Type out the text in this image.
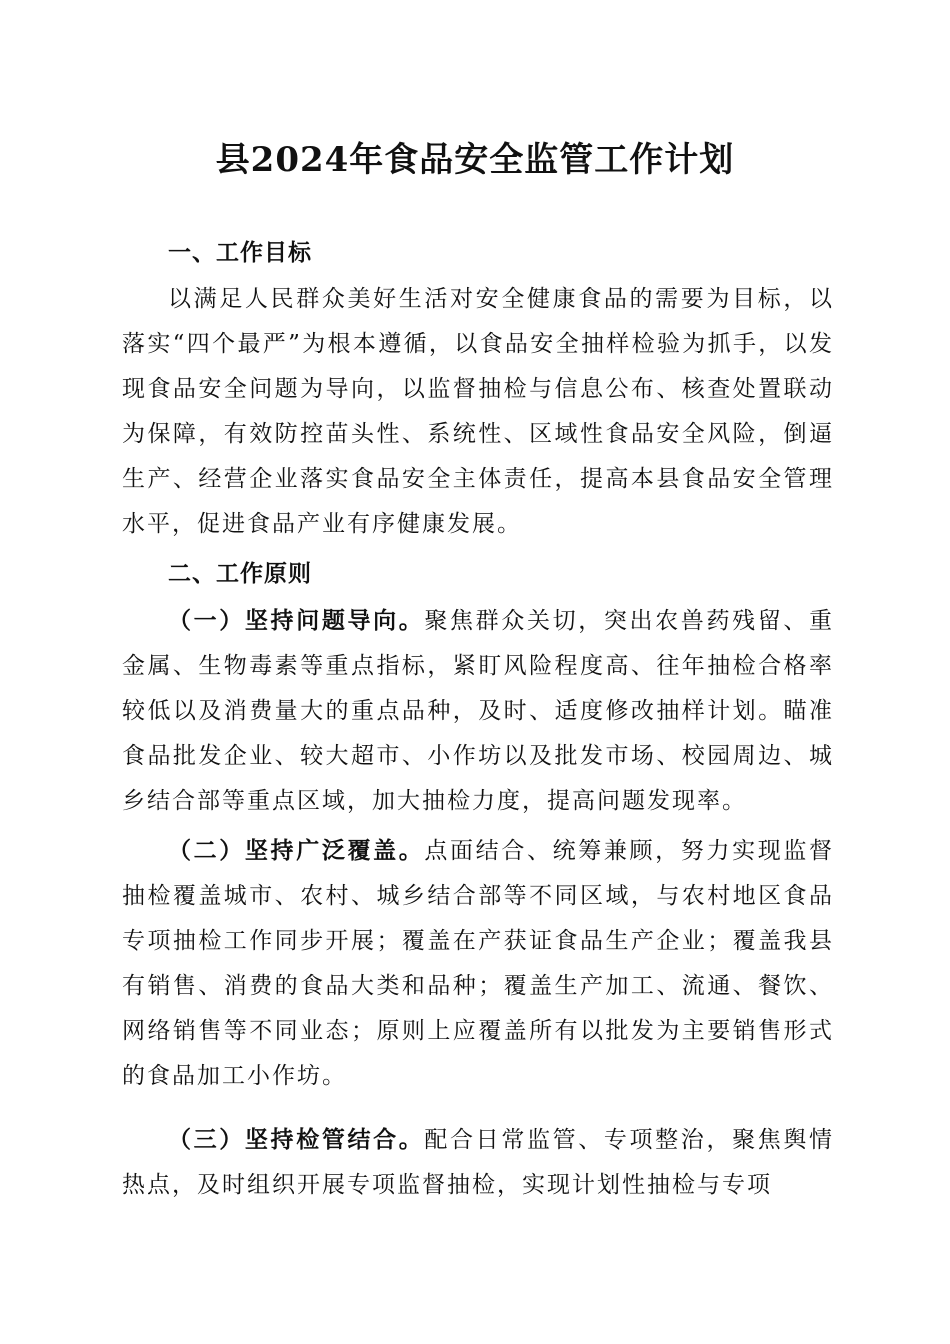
县2024年食品安全监管工作计划
一、工作目标

以满足人民群众美好生活对安全健康食品的需要为目标，以落实“四个最严”为根本遵循，以食品安全抽样检验为抓手，以发现食品安全问题为导向，以监督抽检与信息公布、核查处置联动为保障，有效防控苗头性、系统性、区域性食品安全风险，倒逼生产、经营企业落实食品安全主体责任，提高本县食品安全管理水平，促进食品产业有序健康发展。

二、工作原则

（一）坚持问题导向。聚焦群众关切，突出农兽药残留、重金属、生物毒素等重点指标，紧盯风险程度高、往年抽检合格率较低以及消费量大的重点品种，及时、适度修改抽样计划。瞄准食品批发企业、较大超市、小作坊以及批发市场、校园周边、城乡结合部等重点区域，加大抽检力度，提高问题发现率。

（二）坚持广泛覆盖。点面结合、统筹兼顾，努力实现监督抽检覆盖城市、农村、城乡结合部等不同区域，与农村地区食品专项抽检工作同步开展；覆盖在产获证食品生产企业；覆盖我县有销售、消费的食品大类和品种；覆盖生产加工、流通、餐饮、网络销售等不同业态；原则上应覆盖所有以批发为主要销售形式的食品加工小作坊。

（三）坚持检管结合。配合日常监管、专项整治，聚焦舆情热点，及时组织开展专项监督抽检，实现计划性抽检与专项
